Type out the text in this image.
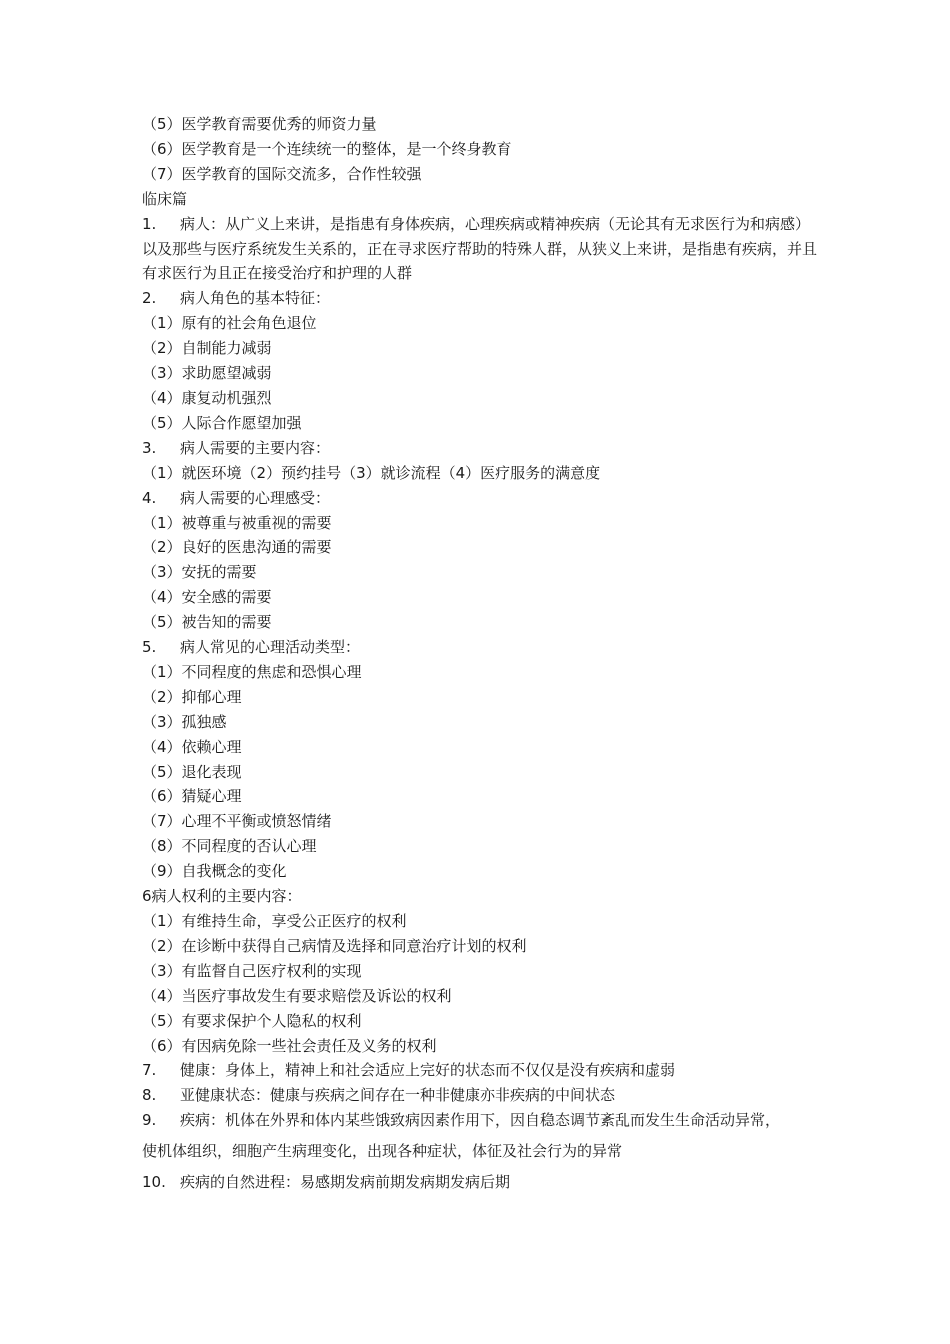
（5）医学教育需要优秀的师资力量

（6）医学教育是一个连续统一的整体，是一个终身教育

（7）医学教育的国际交流多，合作性较强

临床篇

1. 病人：从广义上来讲，是指患有身体疾病，心理疾病或精神疾病（无论其有无求医行为和病感）以及那些与医疗系统发生关系的，正在寻求医疗帮助的特殊人群，从狭义上来讲，是指患有疾病，并且有求医行为且正在接受治疗和护理的人群

2. 病人角色的基本特征：

（1）原有的社会角色退位

（2）自制能力减弱

（3）求助愿望减弱

（4）康复动机强烈

（5）人际合作愿望加强

3. 病人需要的主要内容：

（1）就医环境（2）预约挂号（3）就诊流程（4）医疗服务的满意度

4. 病人需要的心理感受：

（1）被尊重与被重视的需要

（2）良好的医患沟通的需要

（3）安抚的需要

（4）安全感的需要

（5）被告知的需要

5. 病人常见的心理活动类型：

（1）不同程度的焦虑和恐惧心理

（2）抑郁心理

（3）孤独感

（4）依赖心理

（5）退化表现

（6）猜疑心理

（7）心理不平衡或愤怒情绪

（8）不同程度的否认心理

（9）自我概念的变化

6病人权利的主要内容：

（1）有维持生命，享受公正医疗的权利

（2）在诊断中获得自己病情及选择和同意治疗计划的权利

（3）有监督自己医疗权利的实现

（4）当医疗事故发生有要求赔偿及诉讼的权利

（5）有要求保护个人隐私的权利

（6）有因病免除一些社会责任及义务的权利

7. 健康：身体上，精神上和社会适应上完好的状态而不仅仅是没有疾病和虚弱

8. 亚健康状态：健康与疾病之间存在一种非健康亦非疾病的中间状态

9. 疾病：机体在外界和体内某些饿致病因素作用下，因自稳态调节紊乱而发生生命活动异常，

使机体组织，细胞产生病理变化，出现各种症状，体征及社会行为的异常

10. 疾病的自然进程：易感期发病前期发病期发病后期
